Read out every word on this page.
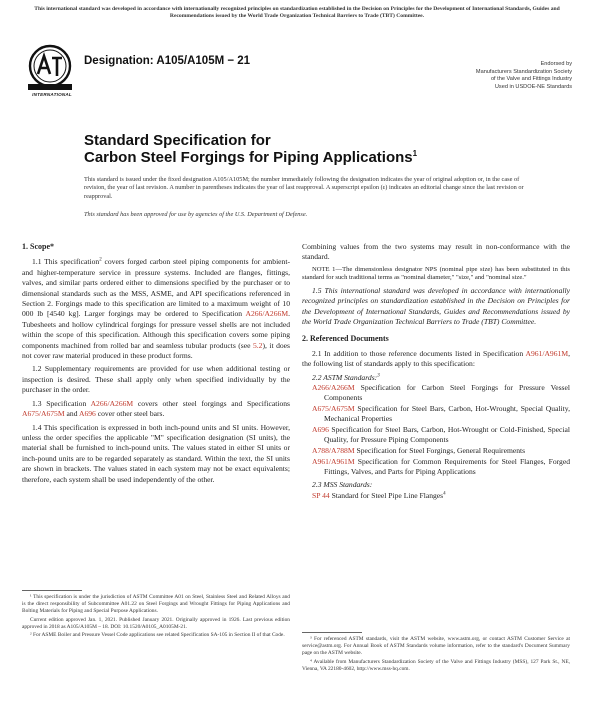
This international standard was developed in accordance with internationally recognized principles on standardization established in the Decision on Principles for the Development of International Standards, Guides and Recommendations issued by the World Trade Organization Technical Barriers to Trade (TBT) Committee.
INTERNATIONAL
Designation: A105/A105M − 21	Endorsed by
Manufacturers Standardization Society
of the Valve and Fittings Industry
Used in USDOE-NE Standards
Standard Specification for
Carbon Steel Forgings for Piping Applications$^1$
This standard is issued under the fixed designation A105/A105M; the number immediately following the designation indicates the year of original adoption or, in the case of revision, the year of last revision. A number in parentheses indicates the year of last reapproval. A superscript epsilon (ε) indicates an editorial change since the last revision or reapproval.
This standard has been approved for use by agencies of the U.S. Department of Defense.
1. Scope*

1.1 This specification$^2$ covers forged carbon steel piping components for ambient- and higher-temperature service in pressure systems. Included are flanges, fittings, valves, and similar parts ordered either to dimensions specified by the purchaser or to dimensional standards such as the MSS, ASME, and API specifications referenced in Section 2. Forgings made to this specification are limited to a maximum weight of 10 000 lb [4540 kg]. Larger forgings may be ordered to Specification A266/A266M. Tubesheets and hollow cylindrical forgings for pressure vessel shells are not included within the scope of this specification. Although this specification covers some piping components machined from rolled bar and seamless tubular products (see 5.2), it does not cover raw material produced in these product forms.

1.2 Supplementary requirements are provided for use when additional testing or inspection is desired. These shall apply only when specified individually by the purchaser in the order.

1.3 Specification A266/A266M covers other steel forgings and Specifications A675/A675M and A696 cover other steel bars.

1.4 This specification is expressed in both inch-pound units and SI units. However, unless the order specifies the applicable "M" specification designation (SI units), the material shall be furnished to inch-pound units. The values stated in either SI units or inch-pound units are to be regarded separately as standard. Within the text, the SI units are shown in brackets. The values stated in each system may not be exact equivalents; therefore, each system shall be used independently of the other.

Combining values from the two systems may result in non-conformance with the standard.

NOTE 1—The dimensionless designator NPS (nominal pipe size) has been substituted in this standard for such traditional terms as "nominal diameter," "size," and "nominal size."

1.5 This international standard was developed in accordance with internationally recognized principles on standardization established in the Decision on Principles for the Development of International Standards, Guides and Recommendations issued by the World Trade Organization Technical Barriers to Trade (TBT) Committee.

2. Referenced Documents

2.1 In addition to those reference documents listed in Specification A961/A961M, the following list of standards apply to this specification:

2.2 ASTM Standards:$^3$
A266/A266M Specification for Carbon Steel Forgings for Pressure Vessel Components
A675/A675M Specification for Steel Bars, Carbon, Hot-Wrought, Special Quality, Mechanical Properties
A696 Specification for Steel Bars, Carbon, Hot-Wrought or Cold-Finished, Special Quality, for Pressure Piping Components
A788/A788M Specification for Steel Forgings, General Requirements
A961/A961M Specification for Common Requirements for Steel Flanges, Forged Fittings, Valves, and Parts for Piping Applications
2.3 MSS Standards:
SP 44 Standard for Steel Pipe Line Flanges$^4$

¹ This specification is under the jurisdiction of ASTM Committee A01 on Steel, Stainless Steel and Related Alloys and is the direct responsibility of Subcommittee A01.22 on Steel Forgings and Wrought Fittings for Piping Applications and Bolting Materials for Piping and Special Purpose Applications.

Current edition approved Jan. 1, 2021. Published January 2021. Originally approved in 1926. Last previous edition approved in 2018 as A105/A105M – 18. DOI: 10.1520/A0105_A0105M-21.

² For ASME Boiler and Pressure Vessel Code applications see related Specification SA-105 in Section II of that Code.

³ For referenced ASTM standards, visit the ASTM website, www.astm.org, or contact ASTM Customer Service at service@astm.org. For Annual Book of ASTM Standards volume information, refer to the standard's Document Summary page on the ASTM website.

⁴ Available from Manufacturers Standardization Society of the Valve and Fittings Industry (MSS), 127 Park St., NE, Vienna, VA 22180-4602, http://www.mss-hq.com.
